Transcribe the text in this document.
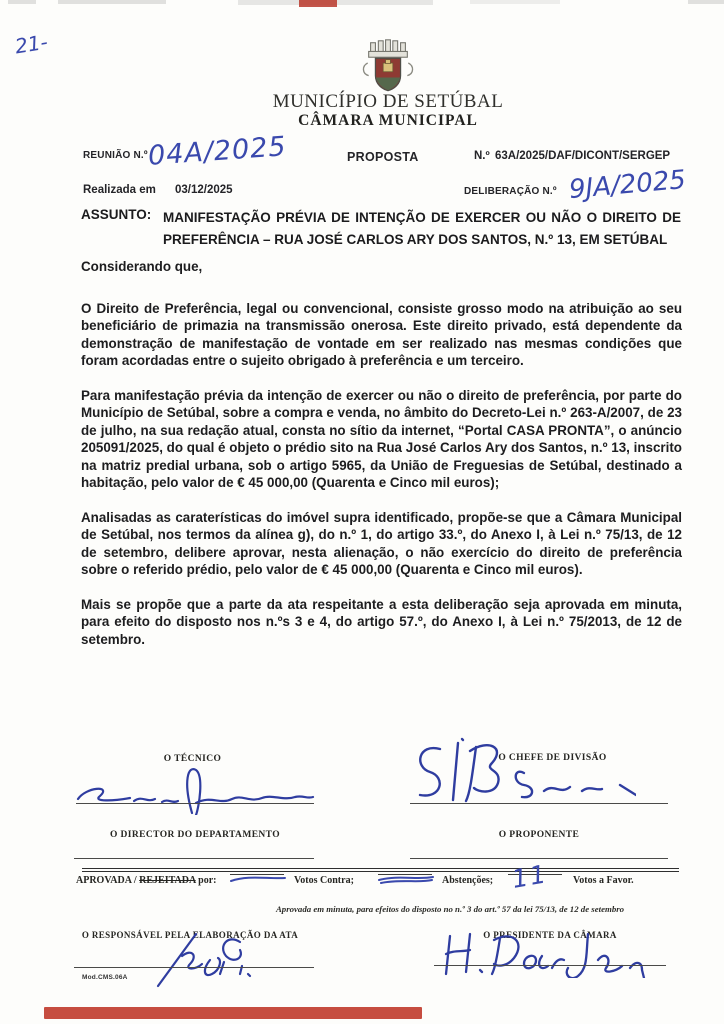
21-
MUNICÍPIO DE SETÚBAL
CÂMARA MUNICIPAL
REUNIÃO N.º 04A/2025	PROPOSTA	N.º 63A/2025/DAF/DICONT/SERGEP
Realizada em 03/12/2025	DELIBERAÇÃO N.º 9JA/2025
ASSUNTO: MANIFESTAÇÃO PRÉVIA DE INTENÇÃO DE EXERCER OU NÃO O DIREITO DE PREFERÊNCIA – RUA JOSÉ CARLOS ARY DOS SANTOS, N.º 13, EM SETÚBAL

Considerando que,

O Direito de Preferência, legal ou convencional, consiste grosso modo na atribuição ao seu beneficiário de primazia na transmissão onerosa. Este direito privado, está dependente da demonstração de manifestação de vontade em ser realizado nas mesmas condições que foram acordadas entre o sujeito obrigado à preferência e um terceiro.

Para manifestação prévia da intenção de exercer ou não o direito de preferência, por parte do Município de Setúbal, sobre a compra e venda, no âmbito do Decreto-Lei n.º 263-A/2007, de 23 de julho, na sua redação atual, consta no sítio da internet, “Portal CASA PRONTA”, o anúncio 205091/2025, do qual é objeto o prédio sito na Rua José Carlos Ary dos Santos, n.º 13, inscrito na matriz predial urbana, sob o artigo 5965, da União de Freguesias de Setúbal, destinado a habitação, pelo valor de € 45 000,00 (Quarenta e Cinco mil euros);

Analisadas as caraterísticas do imóvel supra identificado, propõe-se que a Câmara Municipal de Setúbal, nos termos da alínea g), do n.º 1, do artigo 33.º, do Anexo I, à Lei n.º 75/13, de 12 de setembro, delibere aprovar, nesta alienação, o não exercício do direito de preferência sobre o referido prédio, pelo valor de € 45 000,00 (Quarenta e Cinco mil euros).

Mais se propõe que a parte da ata respeitante a esta deliberação seja aprovada em minuta, para efeito do disposto nos n.ºs 3 e 4, do artigo 57.º, do Anexo I, à Lei n.º 75/2013, de 12 de setembro.

O TÉCNICO	O CHEFE DE DIVISÃO
O DIRECTOR DO DEPARTAMENTO	O PROPONENTE
APROVADA / REJEITADA por:	Votos Contra;	Abstenções; 11 Votos a Favor.
Aprovada em minuta, para efeitos do disposto no n.º 3 do art.º 57 da lei 75/13, de 12 de setembro
O RESPONSÁVEL PELA ELABORAÇÃO DA ATA	O PRESIDENTE DA CÂMARA
Mod.CMS.06A
